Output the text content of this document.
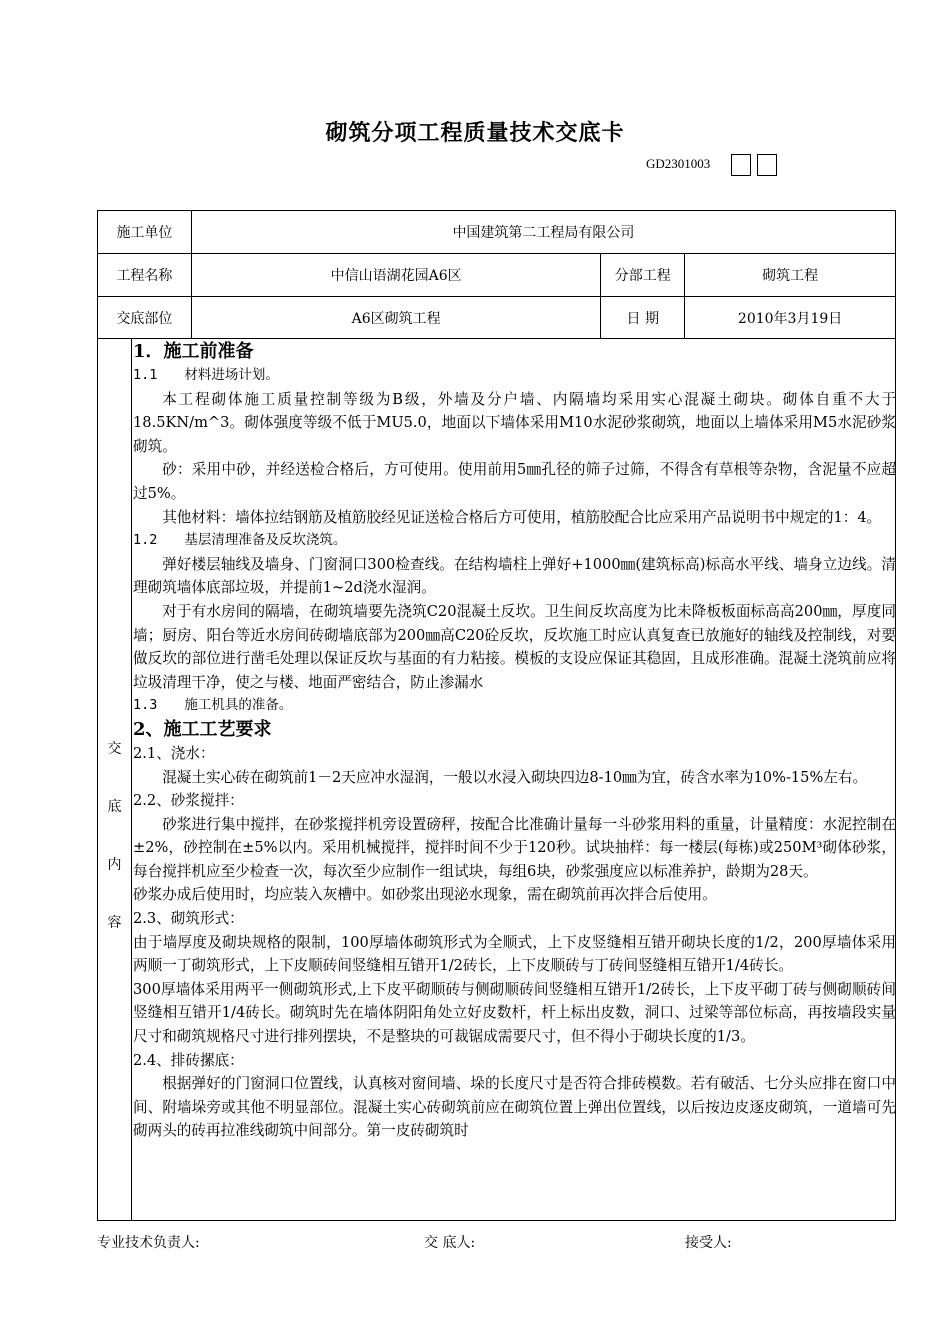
砌筑分项工程质量技术交底卡
GD2301003
施工单位	中国建筑第二工程局有限公司		
工程名称	中信山语湖花园A6区	分部工程	砌筑工程
交底部位	A6区砌筑工程	日 期	2010年3月19日
交
底
内
容

1．施工前准备

1.1　　材料进场计划。

本工程砌体施工质量控制等级为B级，外墙及分户墙、内隔墙均采用实心混凝土砌块。砌体自重不大于18.5KN/m^3。砌体强度等级不低于MU5.0，地面以下墙体采用M10水泥砂浆砌筑，地面以上墙体采用M5水泥砂浆砌筑。

砂：采用中砂，并经送检合格后，方可使用。使用前用5㎜孔径的筛子过筛，不得含有草根等杂物，含泥量不应超过5%。

其他材料：墙体拉结钢筋及植筋胶经见证送检合格后方可使用，植筋胶配合比应采用产品说明书中规定的1：4。

1.2　　基层清理准备及反坎浇筑。

弹好楼层轴线及墙身、门窗洞口300检查线。在结构墙柱上弹好+1000㎜(建筑标高)标高水平线、墙身立边线。清理砌筑墙体底部垃圾，并提前1~2d浇水湿润。

对于有水房间的隔墙，在砌筑墙要先浇筑C20混凝土反坎。卫生间反坎高度为比未降板板面标高高200㎜，厚度同墙；厨房、阳台等近水房间砖砌墙底部为200㎜高C20砼反坎，反坎施工时应认真复查已放施好的轴线及控制线，对要做反坎的部位进行凿毛处理以保证反坎与基面的有力粘接。模板的支设应保证其稳固，且成形准确。混凝土浇筑前应将垃圾清理干净，使之与楼、地面严密结合，防止渗漏水

1.3　　施工机具的准备。

2、施工工艺要求

2.1、浇水：

混凝土实心砖在砌筑前1－2天应冲水湿润，一般以水浸入砌块四边8-10㎜为宜，砖含水率为10%-15%左右。

2.2、砂浆搅拌：

砂浆进行集中搅拌，在砂浆搅拌机旁设置磅秤，按配合比准确计量每一斗砂浆用料的重量，计量精度：水泥控制在±2%，砂控制在±5%以内。采用机械搅拌，搅拌时间不少于120秒。试块抽样：每一楼层(每栋)或250M³砌体砂浆，每台搅拌机应至少检查一次，每次至少应制作一组试块，每组6块，砂浆强度应以标准养护，龄期为28天。

砂浆办成后使用时，均应装入灰槽中。如砂浆出现泌水现象，需在砌筑前再次拌合后使用。

2.3、砌筑形式：

由于墙厚度及砌块规格的限制，100厚墙体砌筑形式为全顺式，上下皮竖缝相互错开砌块长度的1/2，200厚墙体采用两顺一丁砌筑形式，上下皮顺砖间竖缝相互错开1/2砖长，上下皮顺砖与丁砖间竖缝相互错开1/4砖长。

300厚墙体采用两平一侧砌筑形式,上下皮平砌顺砖与侧砌顺砖间竖缝相互错开1/2砖长，上下皮平砌丁砖与侧砌顺砖间竖缝相互错开1/4砖长。砌筑时先在墙体阴阳角处立好皮数杆，杆上标出皮数，洞口、过梁等部位标高，再按墙段实量尺寸和砌筑规格尺寸进行排列摆块，不是整块的可裁锯成需要尺寸，但不得小于砌块长度的1/3。

2.4、排砖摞底：

根据弹好的门窗洞口位置线，认真核对窗间墙、垛的长度尺寸是否符合排砖模数。若有破活、七分头应排在窗口中间、附墙垛旁或其他不明显部位。混凝土实心砖砌筑前应在砌筑位置上弹出位置线，以后按边皮逐皮砌筑，一道墙可先砌两头的砖再拉准线砌筑中间部分。第一皮砖砌筑时

专业技术负责人:	交 底人:	接受人:
